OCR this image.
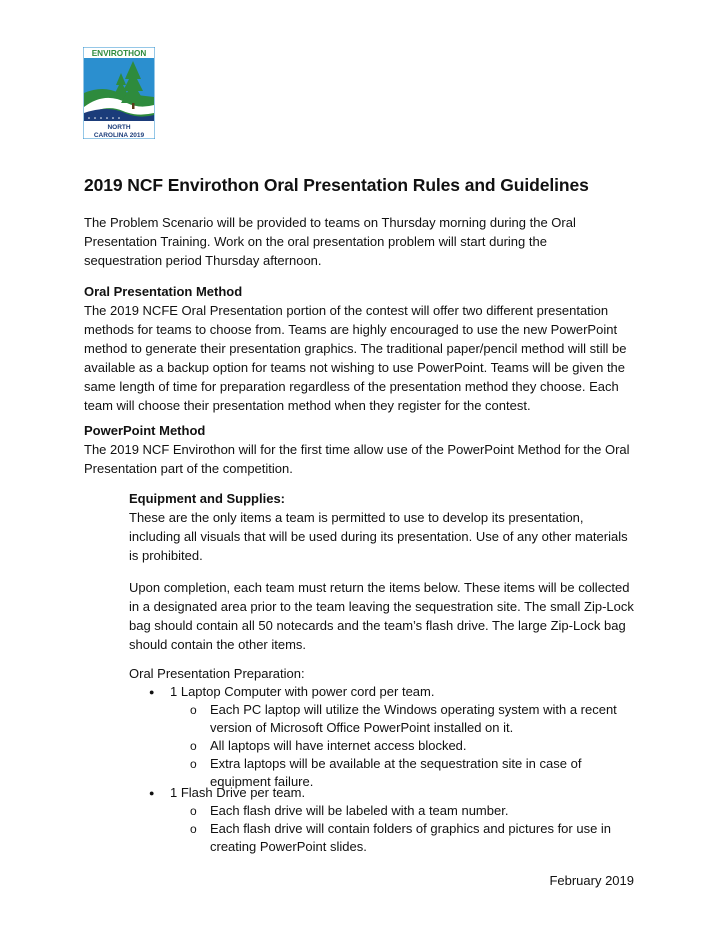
ENVIROTHON
NORTH
CAROLINA 2019
2019 NCF Envirothon Oral Presentation Rules and Guidelines

The Problem Scenario will be provided to teams on Thursday morning during the Oral Presentation Training. Work on the oral presentation problem will start during the sequestration period Thursday afternoon.

Oral Presentation Method

The 2019 NCFE Oral Presentation portion of the contest will offer two different presentation methods for teams to choose from. Teams are highly encouraged to use the new PowerPoint method to generate their presentation graphics. The traditional paper/pencil method will still be available as a backup option for teams not wishing to use PowerPoint. Teams will be given the same length of time for preparation regardless of the presentation method they choose. Each team will choose their presentation method when they register for the contest.

PowerPoint Method

The 2019 NCF Envirothon will for the first time allow use of the PowerPoint Method for the Oral Presentation part of the competition.

Equipment and Supplies:

These are the only items a team is permitted to use to develop its presentation, including all visuals that will be used during its presentation. Use of any other materials is prohibited.

Upon completion, each team must return the items below. These items will be collected in a designated area prior to the team leaving the sequestration site. The small Zip-Lock bag should contain all 50 notecards and the team’s flash drive. The large Zip-Lock bag should contain the other items.

Oral Presentation Preparation:

● 1 Laptop Computer with power cord per team.
o Each PC laptop will utilize the Windows operating system with a recent version of Microsoft Office PowerPoint installed on it.
o All laptops will have internet access blocked.
o Extra laptops will be available at the sequestration site in case of equipment failure.
● 1 Flash Drive per team.
o Each flash drive will be labeled with a team number.
o Each flash drive will contain folders of graphics and pictures for use in creating PowerPoint slides.

February 2019
